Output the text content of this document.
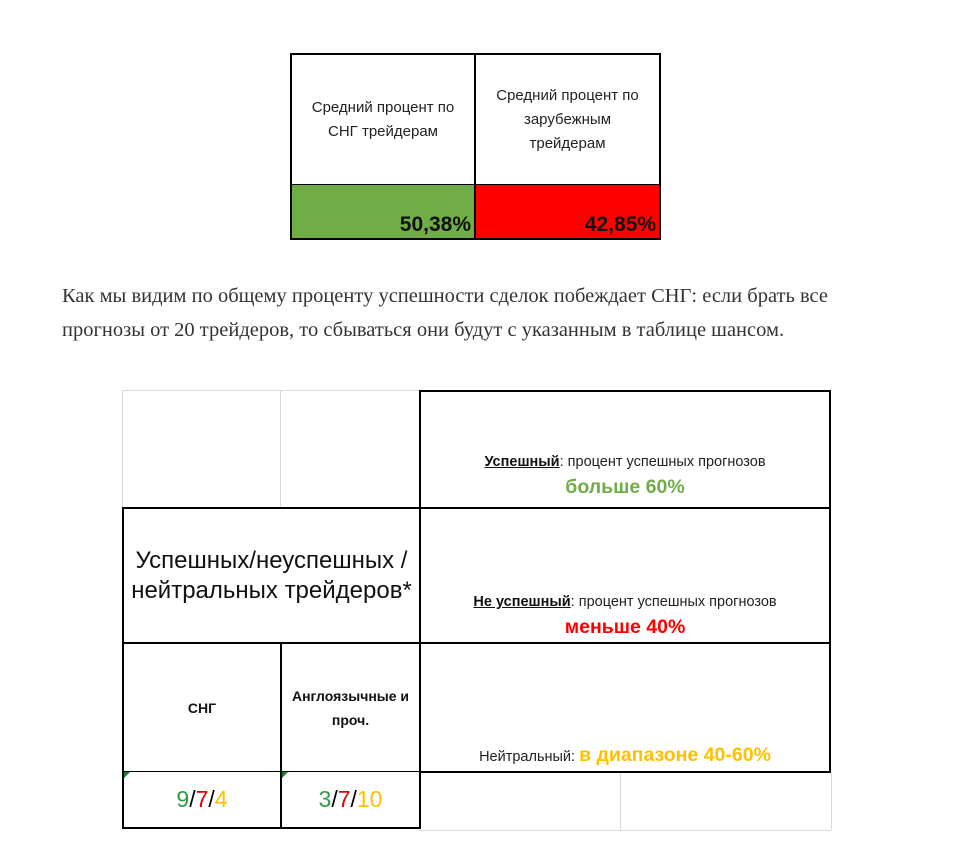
Средний процент по СНГ трейдерам
Средний процент по зарубежным трейдерам
50,38%	42,85%
Как мы видим по общему проценту успешности сделок побеждает СНГ: если брать все прогнозы от 20 трейдеров, то сбываться они будут с указанным в таблице шансом.
Успешный: процент успешных прогнозов
больше 60%
Не успешный: процент успешных прогнозов
меньше 40%
Нейтральный: в диапазоне 40-60%
Успешных/неуспешных /нейтральных трейдеров*
СНГ
Англоязычные и проч.
9 / 7 / 4	3 / 7 / 10
